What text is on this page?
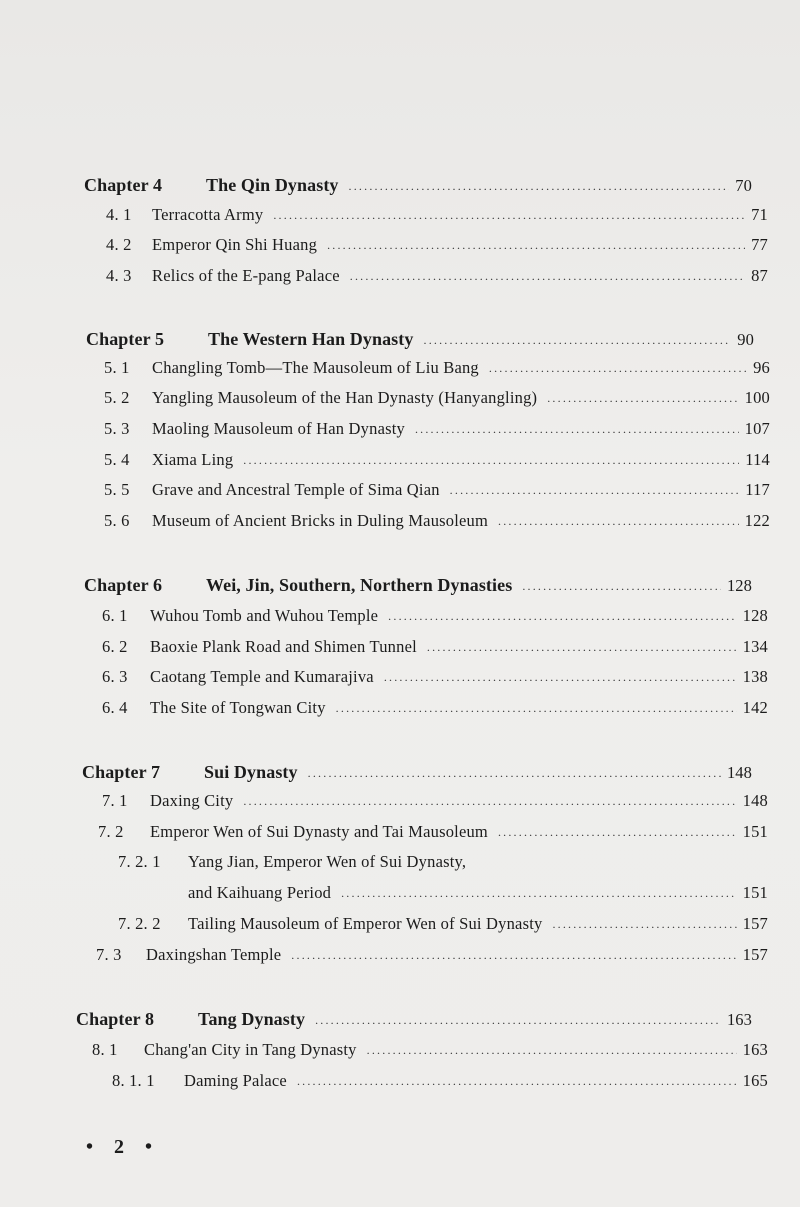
Chapter 4	The Qin Dynasty .....	70
4. 1	Terracotta Army .....	71
4. 2	Emperor Qin Shi Huang .....	77
4. 3	Relics of the E-pang Palace .....	87
Chapter 5	The Western Han Dynasty .....	90
5. 1	Changling Tomb—The Mausoleum of Liu Bang .....	96
5. 2	Yangling Mausoleum of the Han Dynasty (Hanyangling) .....	100
5. 3	Maoling Mausoleum of Han Dynasty .....	107
5. 4	Xiama Ling .....	114
5. 5	Grave and Ancestral Temple of Sima Qian .....	117
5. 6	Museum of Ancient Bricks in Duling Mausoleum .....	122
Chapter 6	Wei, Jin, Southern, Northern Dynasties .....	128
6. 1	Wuhou Tomb and Wuhou Temple .....	128
6. 2	Baoxie Plank Road and Shimen Tunnel .....	134
6. 3	Caotang Temple and Kumarajiva .....	138
6. 4	The Site of Tongwan City .....	142
Chapter 7	Sui Dynasty .....	148
7. 1	Daxing City .....	148
7. 2	Emperor Wen of Sui Dynasty and Tai Mausoleum .....	151
7. 2. 1	Yang Jian, Emperor Wen of Sui Dynasty,
and Kaihuang Period .....	151
7. 2. 2	Tailing Mausoleum of Emperor Wen of Sui Dynasty .....	157
7. 3	Daxingshan Temple .....	157
Chapter 8	Tang Dynasty .....	163
8. 1	Chang'an City in Tang Dynasty .....	163
8. 1. 1	Daming Palace .....	165
• 2 •
